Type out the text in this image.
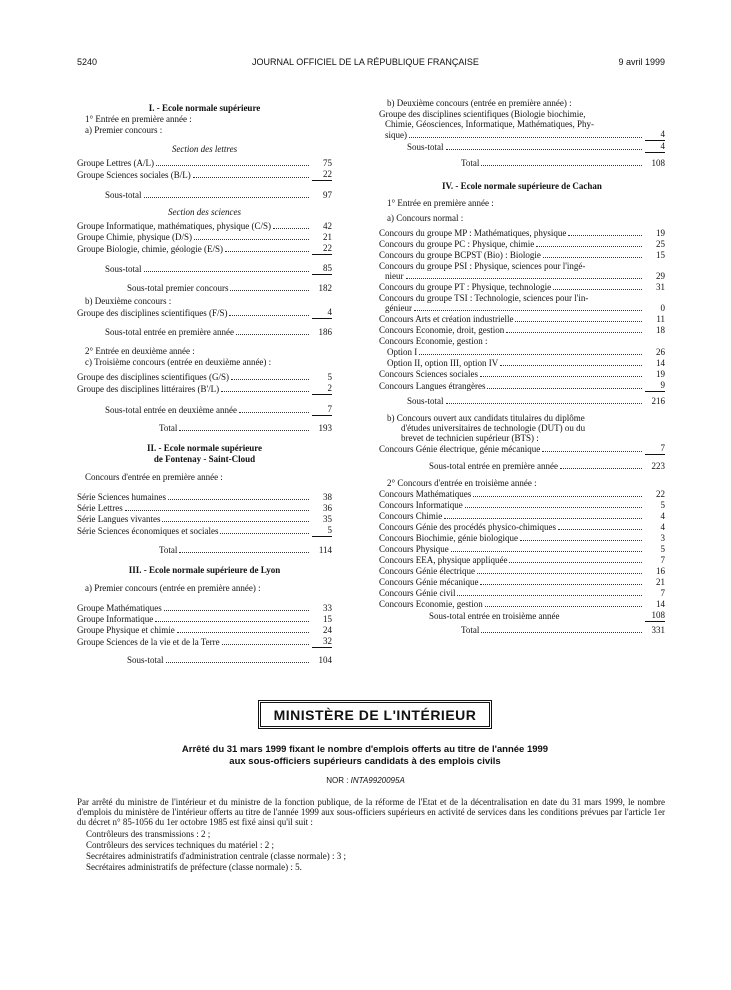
5240	JOURNAL OFFICIEL DE LA RÉPUBLIQUE FRANÇAISE	9 avril 1999
I. - Ecole normale supérieure
1° Entrée en première année :
a) Premier concours :
Section des lettres
Groupe Lettres (A/L)	75
Groupe Sciences sociales (B/L)	22
Sous-total	97
Section des sciences
Groupe Informatique, mathématiques, physique (C/S)	42
Groupe Chimie, physique (D/S)	21
Groupe Biologie, chimie, géologie (E/S)	22
Sous-total	85
Sous-total premier concours	182
b) Deuxième concours :
Groupe des disciplines scientifiques (F/S)	4
Sous-total entrée en première année	186
2° Entrée en deuxième année :
c) Troisième concours (entrée en deuxième année) :
Groupe des disciplines scientifiques (G/S)	5
Groupe des disciplines littéraires (B'/L)	2
Sous-total entrée en deuxième année	7
Total	193
II. - Ecole normale supérieure
de Fontenay - Saint-Cloud
Concours d'entrée en première année :
Série Sciences humaines	38
Série Lettres	36
Série Langues vivantes	35
Série Sciences économiques et sociales	5
Total	114
III. - Ecole normale supérieure de Lyon
a) Premier concours (entrée en première année) :
Groupe Mathématiques	33
Groupe Informatique	15
Groupe Physique et chimie	24
Groupe Sciences de la vie et de la Terre	32
Sous-total	104
b) Deuxième concours (entrée en première année) :
Groupe des disciplines scientifiques (Biologie biochimie,
Chimie, Géosciences, Informatique, Mathématiques, Phy-
sique)	4
Sous-total	4
Total	108
IV. - Ecole normale supérieure de Cachan
1° Entrée en première année :
a) Concours normal :
Concours du groupe MP : Mathématiques, physique	19
Concours du groupe PC : Physique, chimie	25
Concours du groupe BCPST (Bio) : Biologie	15
Concours du groupe PSI : Physique, sciences pour l'ingé-
nieur	29
Concours du groupe PT : Physique, technologie	31
Concours du groupe TSI : Technologie, sciences pour l'in-
génieur	0
Concours Arts et création industrielle	11
Concours Economie, droit, gestion	18
Concours Economie, gestion :
Option I	26
Option II, option III, option IV	14
Concours Sciences sociales	19
Concours Langues étrangères	9
Sous-total	216
b) Concours ouvert aux candidats titulaires du diplôme
d'études universitaires de technologie (DUT) ou du
brevet de technicien supérieur (BTS) :
Concours Génie électrique, génie mécanique	7
Sous-total entrée en première année	223
2° Concours d'entrée en troisième année :
Concours Mathématiques	22
Concours Informatique	5
Concours Chimie	4
Concours Génie des procédés physico-chimiques	4
Concours Biochimie, génie biologique	3
Concours Physique	5
Concours EEA, physique appliquée	7
Concours Génie électrique	16
Concours Génie mécanique	21
Concours Génie civil	7
Concours Economie, gestion	14
Sous-total entrée en troisième année	108
Total	331
MINISTÈRE DE L'INTÉRIEUR
Arrêté du 31 mars 1999 fixant le nombre d'emplois offerts au titre de l'année 1999
aux sous-officiers supérieurs candidats à des emplois civils
NOR : INTA9920095A
Par arrêté du ministre de l'intérieur et du ministre de la fonction publique, de la réforme de l'Etat et de la décentralisation en date du 31 mars 1999, le nombre d'emplois du ministère de l'intérieur offerts au titre de l'année 1999 aux sous-officiers supérieurs en activité de services dans les conditions prévues par l'article 1er du décret n° 85-1056 du 1er octobre 1985 est fixé ainsi qu'il suit :
Contrôleurs des transmissions : 2 ;
Contrôleurs des services techniques du matériel : 2 ;
Secrétaires administratifs d'administration centrale (classe normale) : 3 ;
Secrétaires administratifs de préfecture (classe normale) : 5.
